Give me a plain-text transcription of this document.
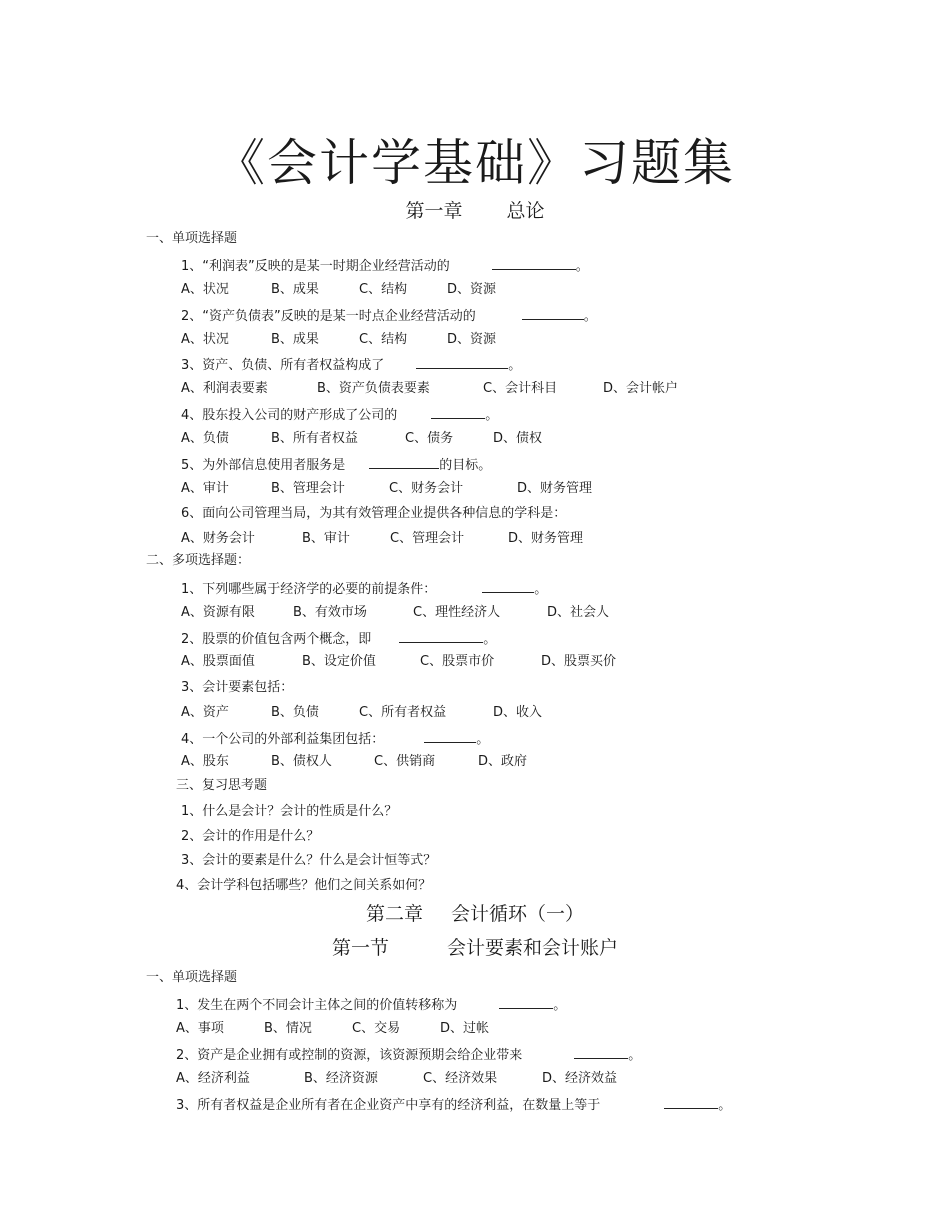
《会计学基础》习题集
第一章 总论
一、单项选择题
1、“利润表”反映的是某一时期企业经营活动的	。
A、状况	B、成果	C、结构	D、资源
2、“资产负债表”反映的是某一时点企业经营活动的	。
A、状况	B、成果	C、结构	D、资源
3、资产、负债、所有者权益构成了	。
A、利润表要素	B、资产负债表要素	C、会计科目	D、会计帐户
4、股东投入公司的财产形成了公司的	。
A、负债	B、所有者权益	C、债务	D、债权
5、为外部信息使用者服务是	的目标。
A、审计	B、管理会计	C、财务会计	D、财务管理
6、面向公司管理当局，为其有效管理企业提供各种信息的学科是：
A、财务会计	B、审计	C、管理会计	D、财务管理
二、多项选择题：
1、下列哪些属于经济学的必要的前提条件：	。
A、资源有限	B、有效市场	C、理性经济人	D、社会人
2、股票的价值包含两个概念，即	。
A、股票面值	B、设定价值	C、股票市价	D、股票买价
3、会计要素包括：
A、资产	B、负债	C、所有者权益	D、收入
4、一个公司的外部利益集团包括：	。
A、股东	B、债权人	C、供销商	D、政府
三、复习思考题
1、什么是会计？会计的性质是什么？
2、会计的作用是什么？
3、会计的要素是什么？什么是会计恒等式？
4、会计学科包括哪些？他们之间关系如何？
第二章 会计循环（一）
第一节	会计要素和会计账户
一、单项选择题
1、发生在两个不同会计主体之间的价值转移称为	。
A、事项	B、情况	C、交易	D、过帐
2、资产是企业拥有或控制的资源，该资源预期会给企业带来	。
A、经济利益	B、经济资源	C、经济效果	D、经济效益
3、所有者权益是企业所有者在企业资产中享有的经济利益，在数量上等于	。
